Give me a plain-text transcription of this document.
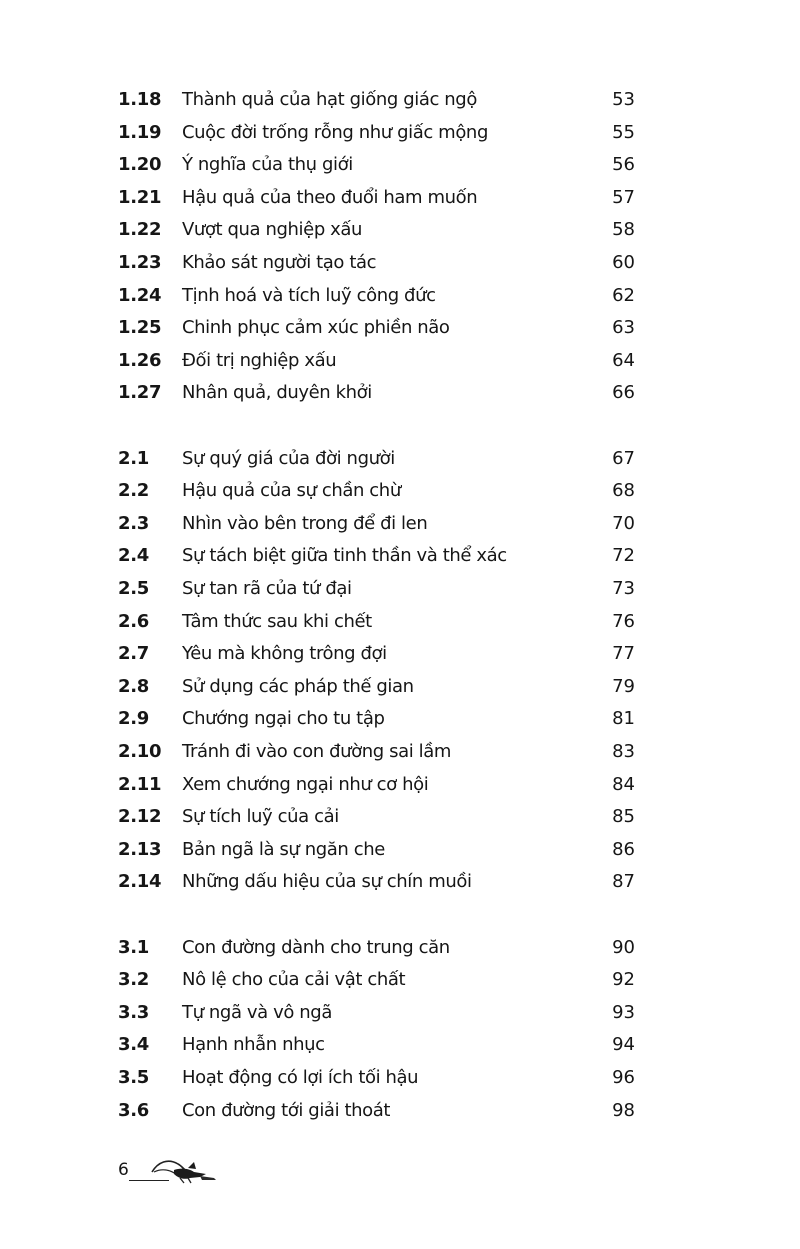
1.18 Thành quả của hạt giống giác ngộ	53
1.19 Cuộc đời trống rỗng như giấc mộng	55
1.20 Ý nghĩa của thụ giới	56
1.21 Hậu quả của theo đuổi ham muốn	57
1.22 Vượt qua nghiệp xấu	58
1.23 Khảo sát người tạo tác	60
1.24 Tịnh hoá và tích luỹ công đức	62
1.25 Chinh phục cảm xúc phiền não	63
1.26 Đối trị nghiệp xấu	64
1.27 Nhân quả, duyên khởi	66
2.1 Sự quý giá của đời người	67
2.2 Hậu quả của sự chần chừ	68
2.3 Nhìn vào bên trong để đi len	70
2.4 Sự tách biệt giữa tinh thần và thể xác	72
2.5 Sự tan rã của tứ đại	73
2.6 Tâm thức sau khi chết	76
2.7 Yêu mà không trông đợi	77
2.8 Sử dụng các pháp thế gian	79
2.9 Chướng ngại cho tu tập	81
2.10 Tránh đi vào con đường sai lầm	83
2.11 Xem chướng ngại như cơ hội	84
2.12 Sự tích luỹ của cải	85
2.13 Bản ngã là sự ngăn che	86
2.14 Những dấu hiệu của sự chín muồi	87
3.1 Con đường dành cho trung căn	90
3.2 Nô lệ cho của cải vật chất	92
3.3 Tự ngã và vô ngã	93
3.4 Hạnh nhẫn nhục	94
3.5 Hoạt động có lợi ích tối hậu	96
3.6 Con đường tới giải thoát	98
6
